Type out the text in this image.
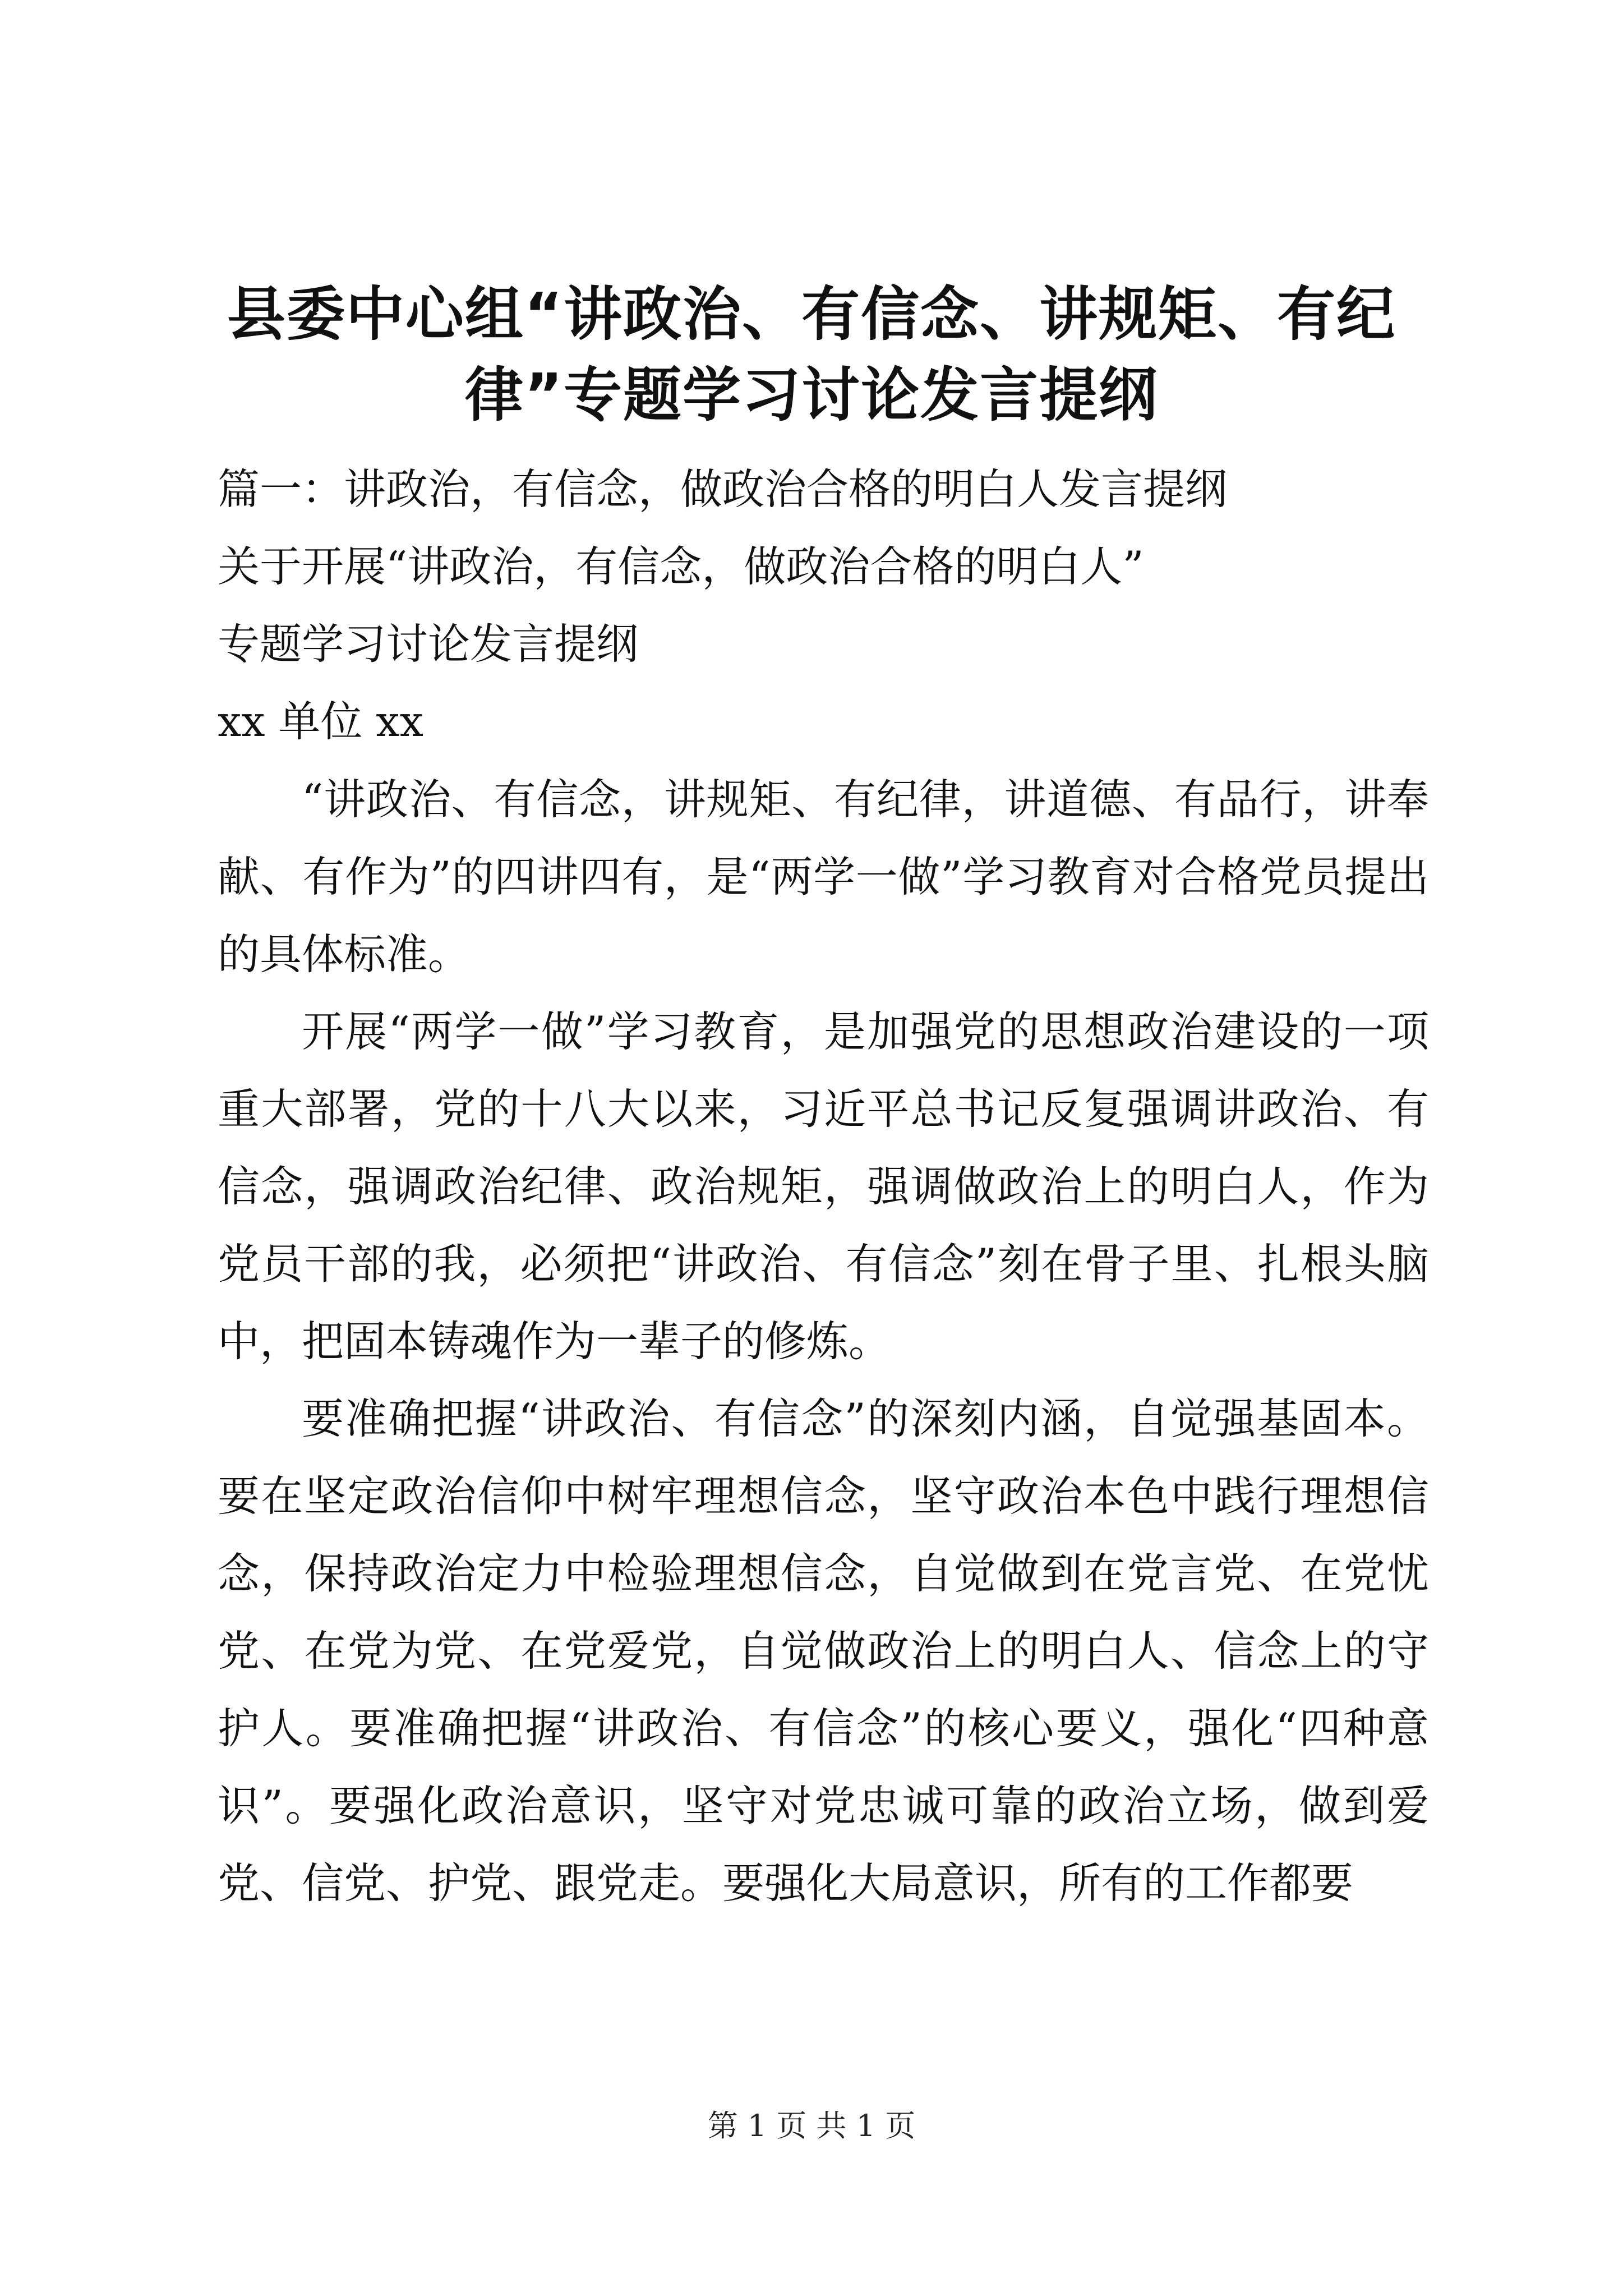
县委中心组“讲政治、有信念、讲规矩、有纪
律”专题学习讨论发言提纲

篇一：讲政治，有信念，做政治合格的明白人发言提纲

关于开展“讲政治，有信念，做政治合格的明白人”

专题学习讨论发言提纲

xx 单位 xx

“讲政治、有信念，讲规矩、有纪律，讲道德、有品行，讲奉献、有作为”的四讲四有，是“两学一做”学习教育对合格党员提出的具体标准。

开展“两学一做”学习教育，是加强党的思想政治建设的一项重大部署，党的十八大以来，习近平总书记反复强调讲政治、有信念，强调政治纪律、政治规矩，强调做政治上的明白人，作为党员干部的我，必须把“讲政治、有信念”刻在骨子里、扎根头脑中，把固本铸魂作为一辈子的修炼。

要准确把握“讲政治、有信念”的深刻内涵，自觉强基固本。要在坚定政治信仰中树牢理想信念，坚守政治本色中践行理想信念，保持政治定力中检验理想信念，自觉做到在党言党、在党忧党、在党为党、在党爱党，自觉做政治上的明白人、信念上的守护人。要准确把握“讲政治、有信念”的核心要义，强化“四种意识”。要强化政治意识，坚守对党忠诚可靠的政治立场，做到爱党、信党、护党、跟党走。要强化大局意识，所有的工作都要

第 1 页 共 1 页
